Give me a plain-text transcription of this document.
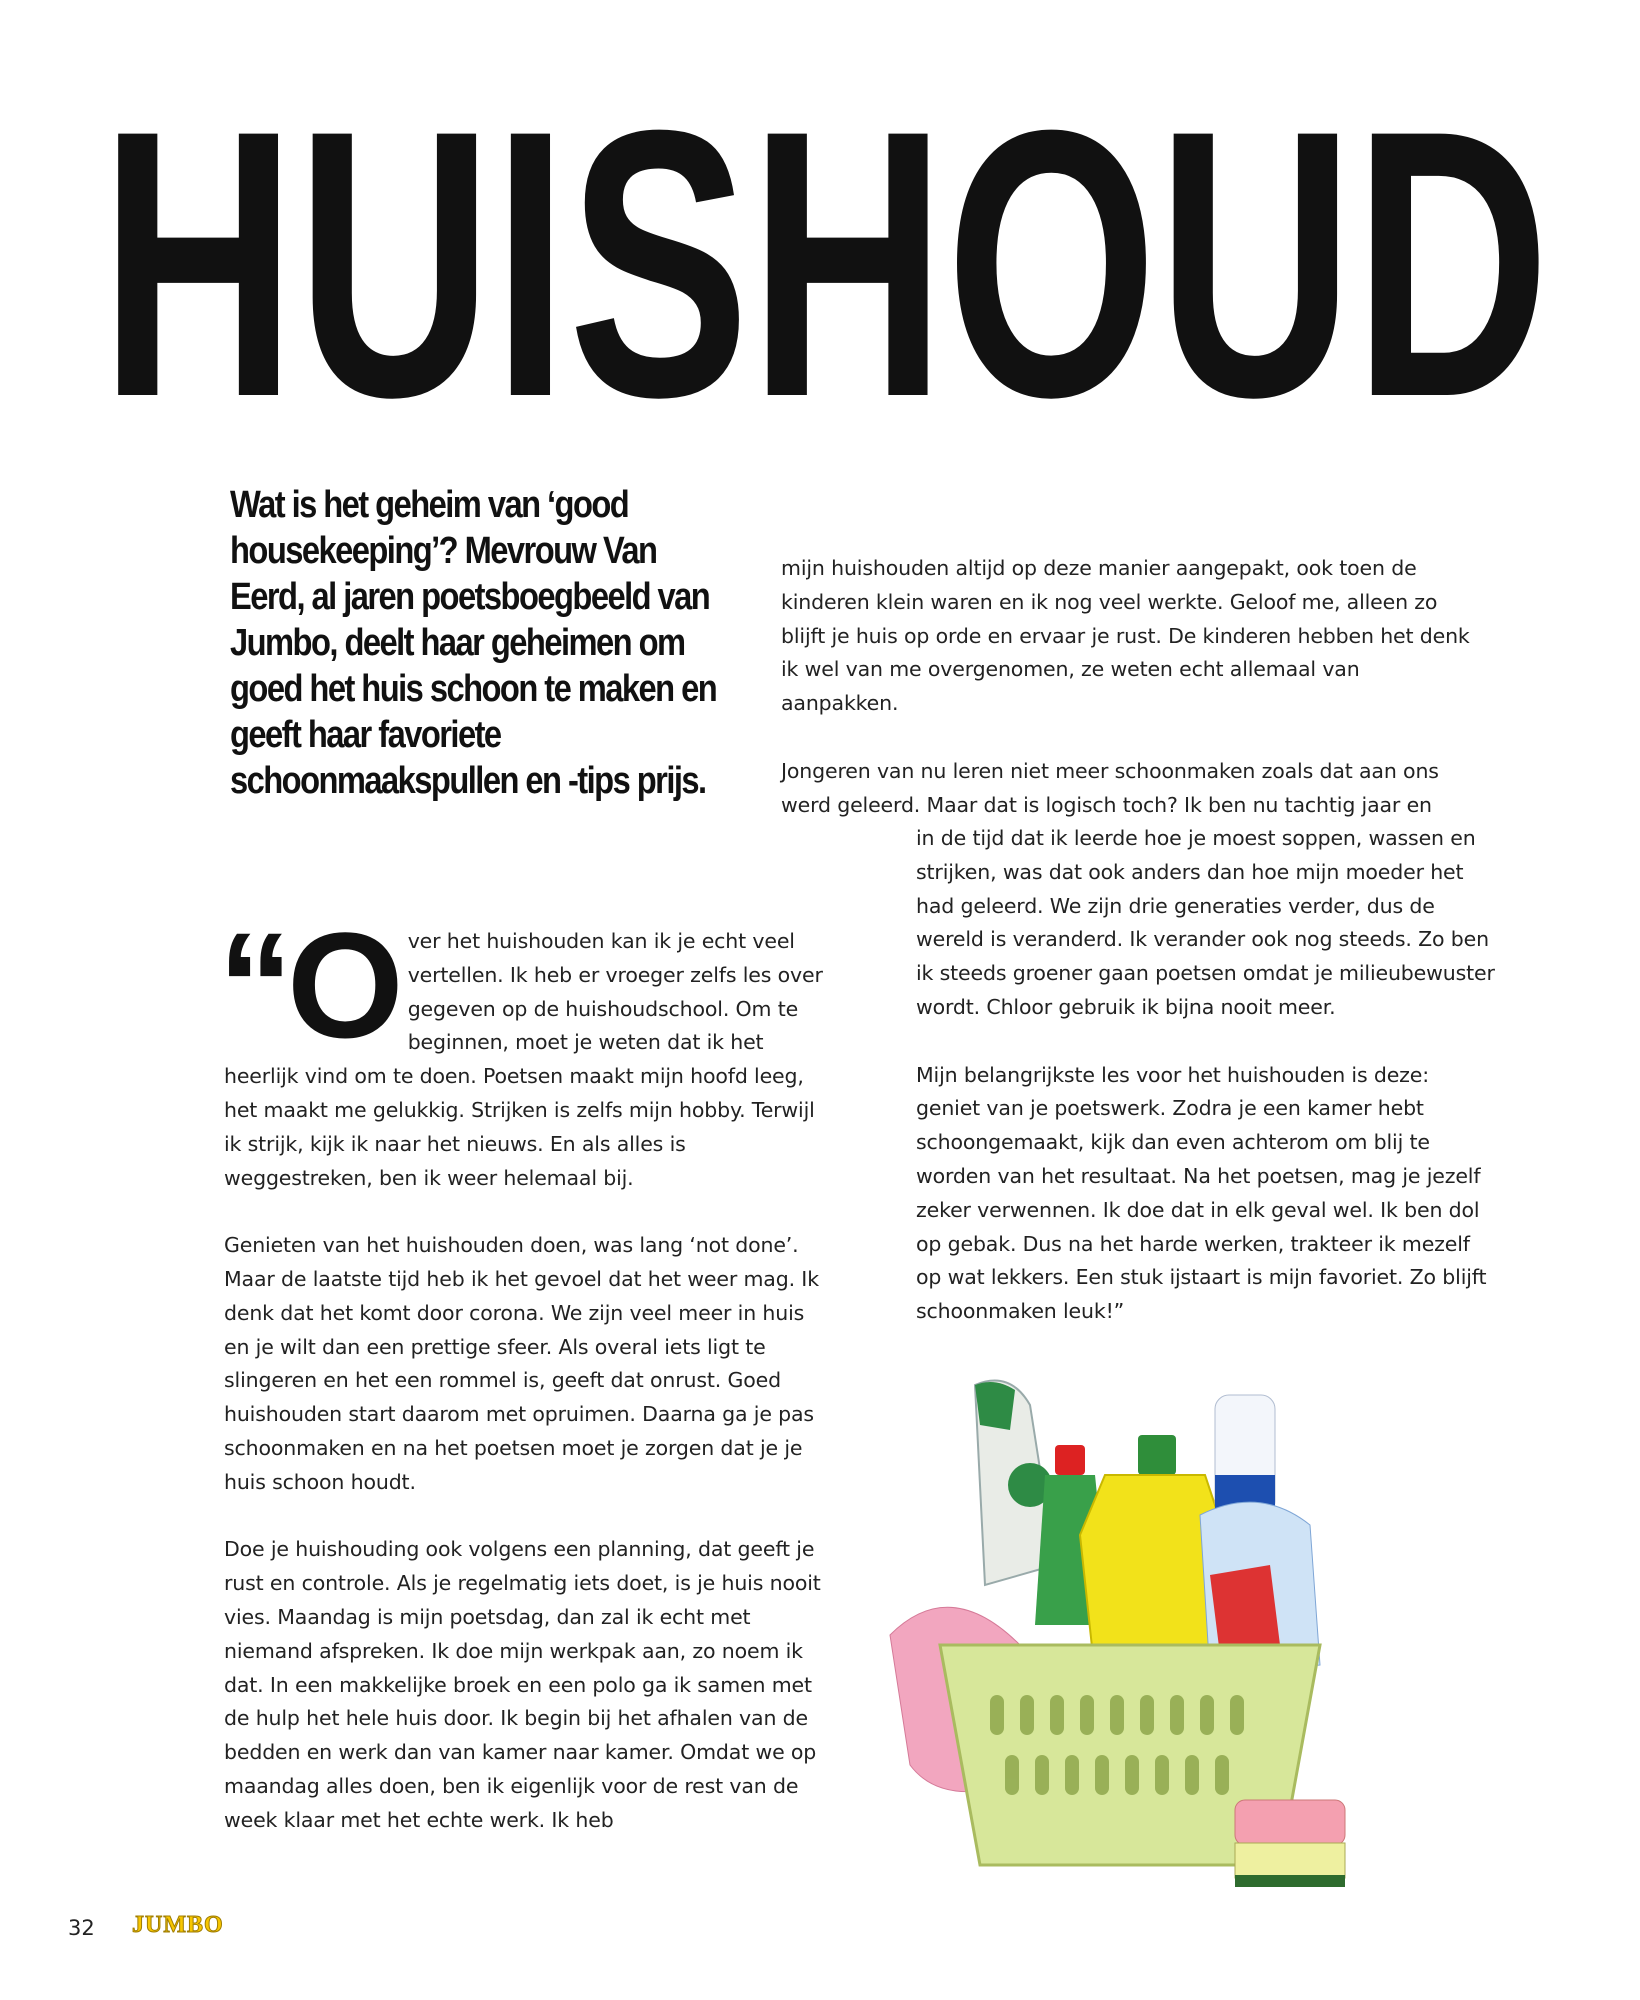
HUISHOUD
Wat is het geheim van ‘good housekeeping’? Mevrouw Van Eerd, al jaren poetsboegbeeld van Jumbo, deelt haar geheimen om goed het huis schoon te maken en geeft haar favoriete schoonmaakspullen en -tips prijs.

“Over het huishouden kan ik je echt veel vertellen. Ik heb er vroeger zelfs les over gegeven op de huishoudschool. Om te beginnen, moet je weten dat ik het heerlijk vind om te doen. Poetsen maakt mijn hoofd leeg, het maakt me gelukkig. Strijken is zelfs mijn hobby. Terwijl ik strijk, kijk ik naar het nieuws. En als alles is weggestreken, ben ik weer helemaal bij.

Genieten van het huishouden doen, was lang ‘not done’. Maar de laatste tijd heb ik het gevoel dat het weer mag. Ik denk dat het komt door corona. We zijn veel meer in huis en je wilt dan een prettige sfeer. Als overal iets ligt te slingeren en het een rommel is, geeft dat onrust. Goed huishouden start daarom met opruimen. Daarna ga je pas schoonmaken en na het poetsen moet je zorgen dat je je huis schoon houdt.

Doe je huishouding ook volgens een planning, dat geeft je rust en controle. Als je regelmatig iets doet, is je huis nooit vies. Maandag is mijn poetsdag, dan zal ik echt met niemand afspreken. Ik doe mijn werkpak aan, zo noem ik dat. In een makkelijke broek en een polo ga ik samen met de hulp het hele huis door. Ik begin bij het afhalen van de bedden en werk dan van kamer naar kamer. Omdat we op maandag alles doen, ben ik eigenlijk voor de rest van de week klaar met het echte werk. Ik heb

mijn huishouden altijd op deze manier aangepakt, ook toen de kinderen klein waren en ik nog veel werkte. Geloof me, alleen zo blijft je huis op orde en ervaar je rust. De kinderen hebben het denk ik wel van me overgenomen, ze weten echt allemaal van aanpakken.

Jongeren van nu leren niet meer schoonmaken zoals dat aan ons werd geleerd. Maar dat is logisch toch? Ik ben nu tachtig jaar en

in de tijd dat ik leerde hoe je moest soppen, wassen en strijken, was dat ook anders dan hoe mijn moeder het had geleerd. We zijn drie generaties verder, dus de wereld is veranderd. Ik verander ook nog steeds. Zo ben ik steeds groener gaan poetsen omdat je milieubewuster wordt. Chloor gebruik ik bijna nooit meer.

Mijn belangrijkste les voor het huishouden is deze: geniet van je poetswerk. Zodra je een kamer hebt schoongemaakt, kijk dan even achterom om blij te worden van het resultaat. Na het poetsen, mag je jezelf zeker verwennen. Ik doe dat in elk geval wel. Ik ben dol op gebak. Dus na het harde werken, trakteer ik mezelf op wat lekkers. Een stuk ijstaart is mijn favoriet. Zo blijft schoonmaken leuk!”

32 JUMBO
